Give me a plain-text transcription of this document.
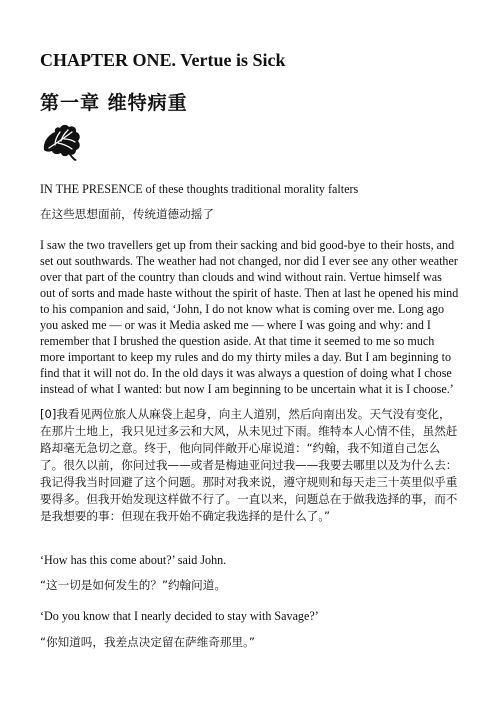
CHAPTER ONE. Vertue is Sick
第一章 维特病重

IN THE PRESENCE of these thoughts traditional morality falters

在这些思想面前，传统道德动摇了

I saw the two travellers get up from their sacking and bid good-bye to their hosts, and set out southwards. The weather had not changed, nor did I ever see any other weather over that part of the country than clouds and wind without rain. Vertue himself was out of sorts and made haste without the spirit of haste. Then at last he opened his mind to his companion and said, ‘John, I do not know what is coming over me. Long ago you asked me — or was it Media asked me — where I was going and why: and I remember that I brushed the question aside. At that time it seemed to me so much more important to keep my rules and do my thirty miles a day. But I am beginning to find that it will not do. In the old days it was always a question of doing what I chose instead of what I wanted: but now I am beginning to be uncertain what it is I choose.’

[0]我看见两位旅人从麻袋上起身，向主人道别，然后向南出发。天气没有变化，在那片土地上，我只见过多云和大风，从未见过下雨。维特本人心情不佳，虽然赶路却毫无急切之意。终于，他向同伴敞开心扉说道：“约翰，我不知道自己怎么了。很久以前，你问过我——或者是梅迪亚问过我——我要去哪里以及为什么去：我记得我当时回避了这个问题。那时对我来说，遵守规则和每天走三十英里似乎重要得多。但我开始发现这样做不行了。一直以来，问题总在于做我选择的事，而不是我想要的事：但现在我开始不确定我选择的是什么了。”

‘How has this come about?’ said John.

“这一切是如何发生的？”约翰问道。

‘Do you know that I nearly decided to stay with Savage?’

“你知道吗，我差点决定留在萨维奇那里。”
